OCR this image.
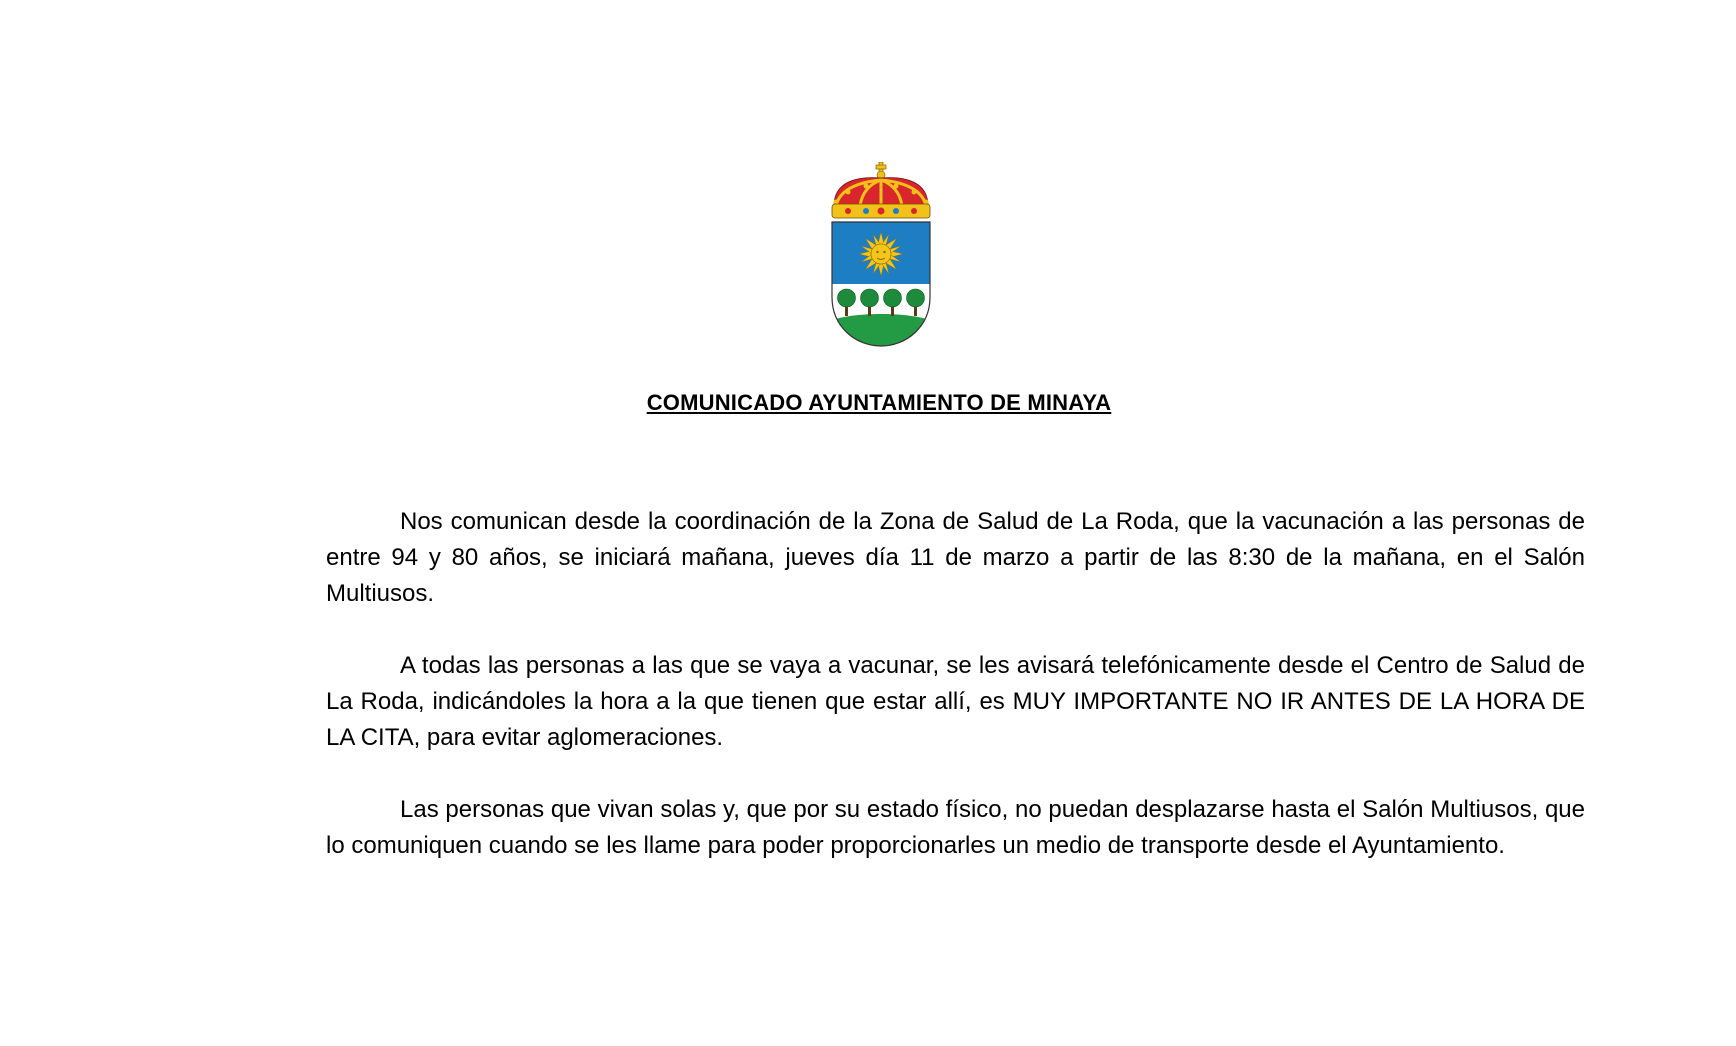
COMUNICADO AYUNTAMIENTO DE MINAYA

Nos comunican desde la coordinación de la Zona de Salud de La Roda, que la vacunación a las personas de entre 94 y 80 años, se iniciará mañana, jueves día 11 de marzo a partir de las 8:30 de la mañana, en el Salón Multiusos.

A todas las personas a las que se vaya a vacunar, se les avisará telefónicamente desde el Centro de Salud de La Roda, indicándoles la hora a la que tienen que estar allí, es MUY IMPORTANTE NO IR ANTES DE LA HORA DE LA CITA, para evitar aglomeraciones.

Las personas que vivan solas y, que por su estado físico, no puedan desplazarse hasta el Salón Multiusos, que lo comuniquen cuando se les llame para poder proporcionarles un medio de transporte desde el Ayuntamiento.
